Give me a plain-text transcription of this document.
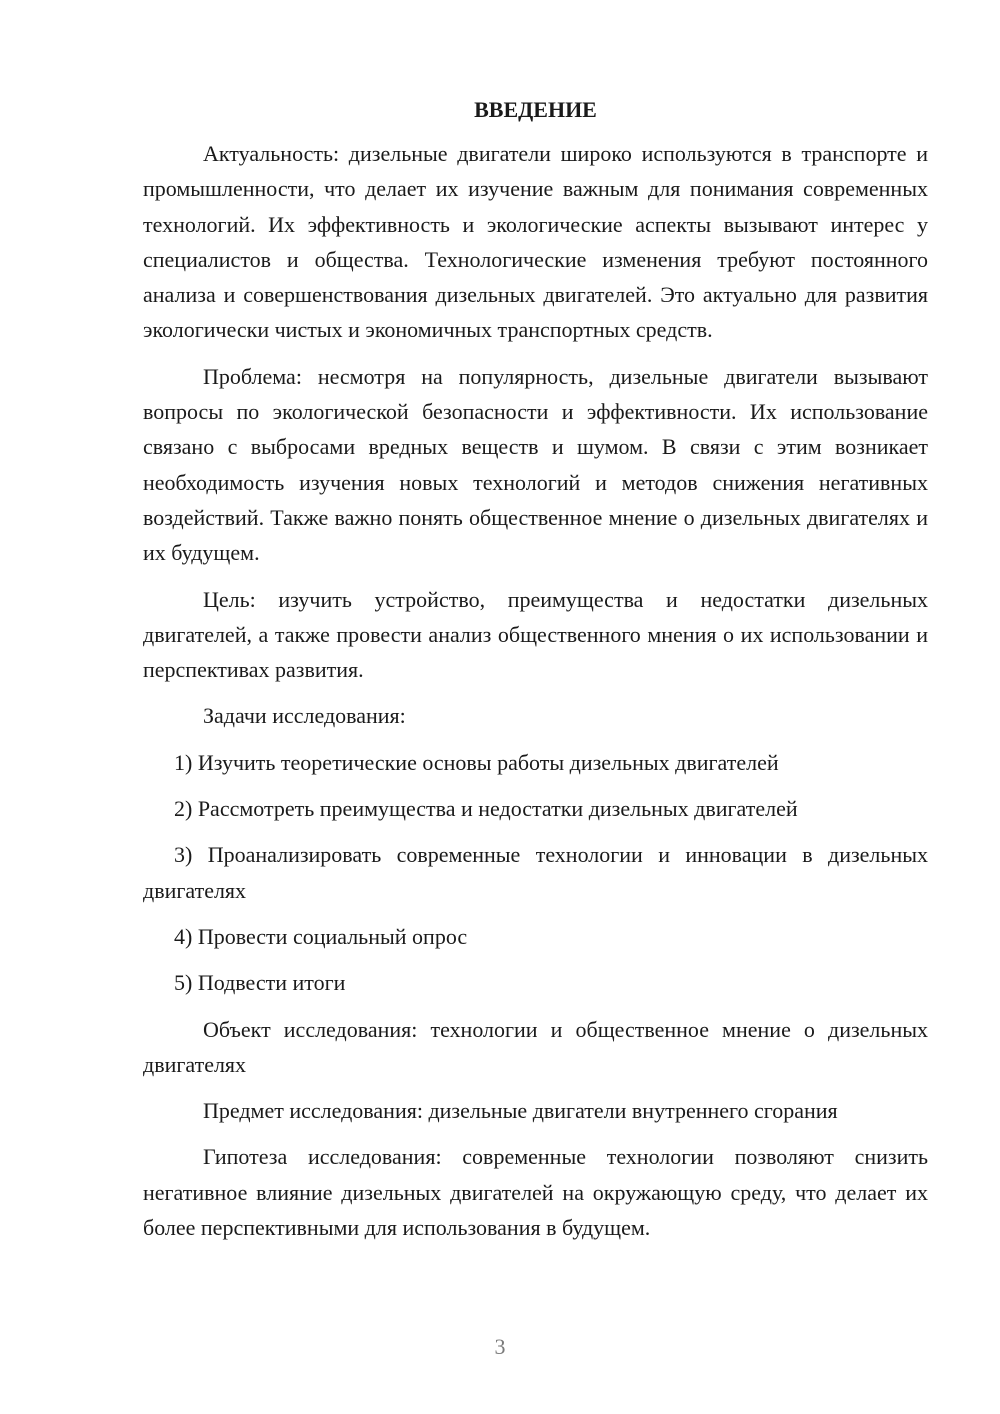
ВВЕДЕНИЕ

Актуальность: дизельные двигатели широко используются в транспорте и промышленности, что делает их изучение важным для понимания современных технологий. Их эффективность и экологические аспекты вызывают интерес у специалистов и общества. Технологические изменения требуют постоянного анализа и совершенствования дизельных двигателей. Это актуально для развития экологически чистых и экономичных транспортных средств.

Проблема: несмотря на популярность, дизельные двигатели вызывают вопросы по экологической безопасности и эффективности. Их использование связано с выбросами вредных веществ и шумом. В связи с этим возникает необходимость изучения новых технологий и методов снижения негативных воздействий. Также важно понять общественное мнение о дизельных двигателях и их будущем.

Цель: изучить устройство, преимущества и недостатки дизельных двигателей, а также провести анализ общественного мнения о их использовании и перспективах развития.

Задачи исследования:

1) Изучить теоретические основы работы дизельных двигателей

2) Рассмотреть преимущества и недостатки дизельных двигателей

3) Проанализировать современные технологии и инновации в дизельных двигателях

4) Провести социальный опрос

5) Подвести итоги

Объект исследования: технологии и общественное мнение о дизельных двигателях

Предмет исследования: дизельные двигатели внутреннего сгорания

Гипотеза исследования: современные технологии позволяют снизить негативное влияние дизельных двигателей на окружающую среду, что делает их более перспективными для использования в будущем.

3
